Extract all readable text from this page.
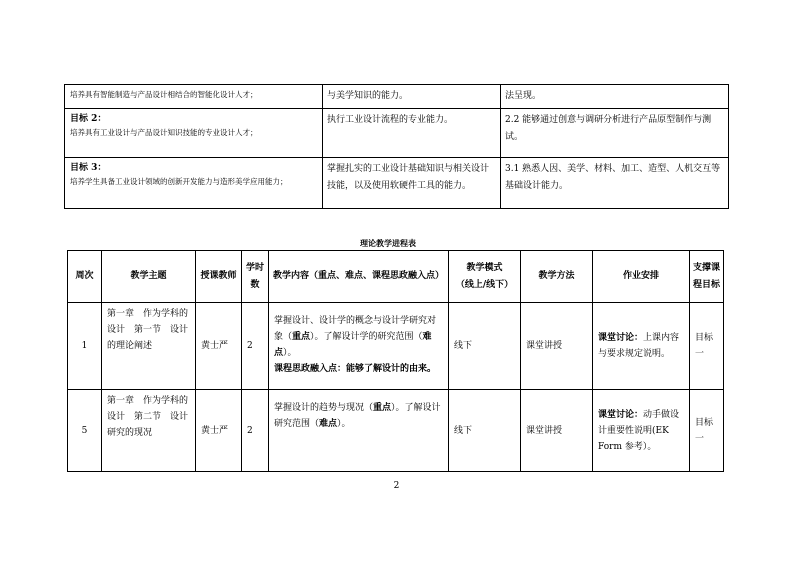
培养具有智能制造与产品设计相结合的智能化设计人才；	与美学知识的能力。	法呈现。
目标 2：
培养具有工业设计与产品设计知识技能的专业设计人才；	执行工业设计流程的专业能力。	2.2 能够通过创意与调研分析进行产品原型制作与测试。
目标 3：
培养学生具备工业设计领域的创新开发能力与造形美学应用能力；	掌握扎实的工业设计基础知识与相关设计技能，以及使用软硬件工具的能力。	3.1 熟悉人因、美学、材料、加工、造型、人机交互等基础设计能力。
理论教学进程表
周次	教学主题	授课教师	学时数	教学内容（重点、难点、课程思政融入点）	教学模式
（线上/线下）	教学方法	作业安排	支撑课程目标
1	第一章　作为学科的设计　第一节　设计的理论阐述	黄士严	2	掌握设计、设计学的概念与设计学研究对象（重点）。了解设计学的研究范围（难点）。
课程思政融入点：能够了解设计的由来。	线下	课堂讲授	课堂讨论：上课内容与要求规定说明。	目标一
5	第一章　作为学科的设计　第二节　设计研究的现况	黄士严	2	掌握设计的趋势与现况（重点）。了解设计研究范围（难点）。	线下	课堂讲授	课堂讨论：动手做设计重要性说明(EK Form 参考）。	目标一
2
